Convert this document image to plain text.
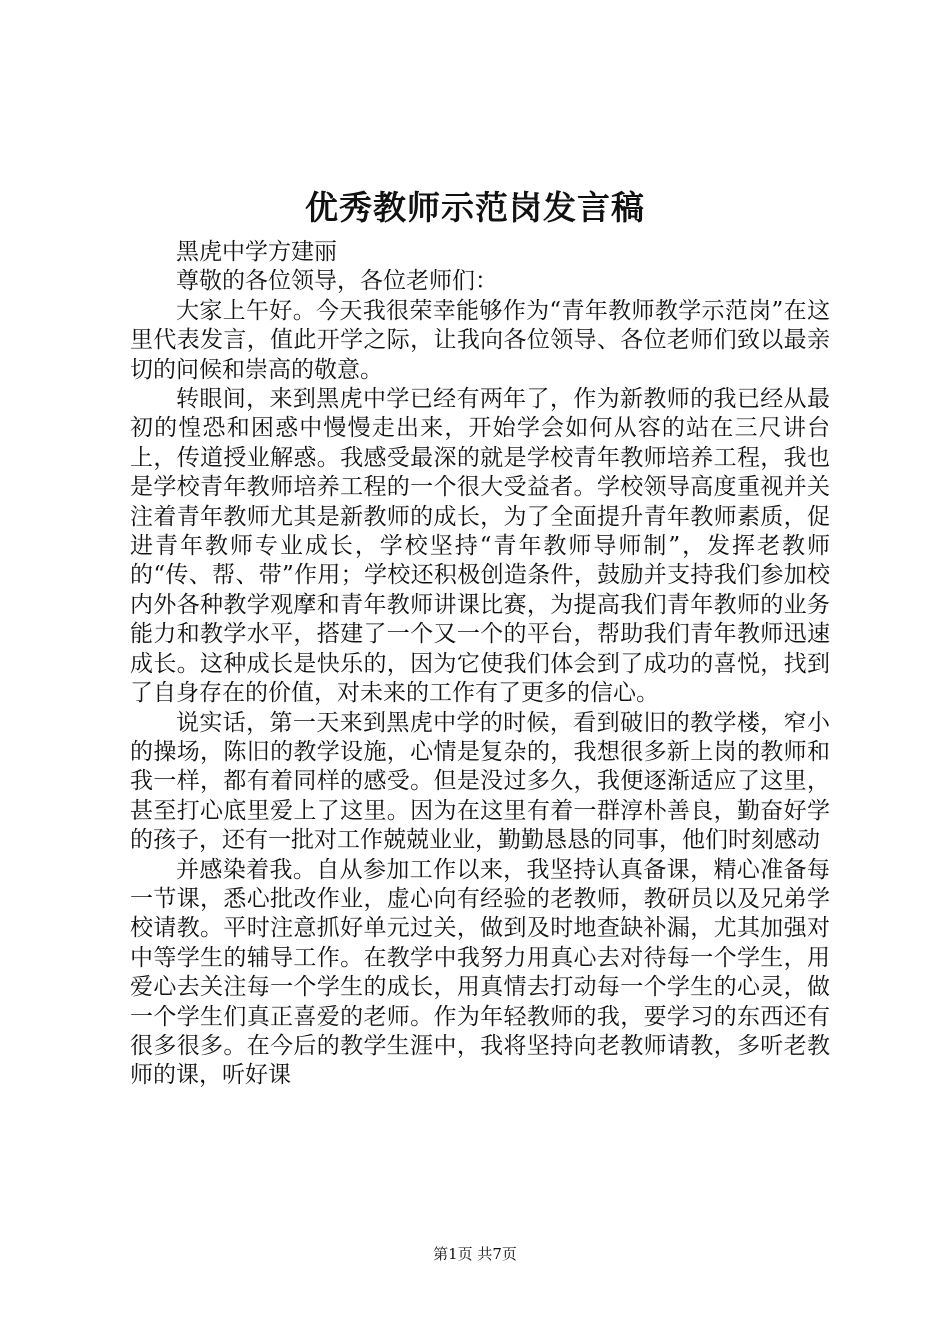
优秀教师示范岗发言稿

黑虎中学方建丽

尊敬的各位领导，各位老师们：

大家上午好。今天我很荣幸能够作为“青年教师教学示范岗”在这里代表发言，值此开学之际，让我向各位领导、各位老师们致以最亲切的问候和崇高的敬意。

转眼间，来到黑虎中学已经有两年了，作为新教师的我已经从最初的惶恐和困惑中慢慢走出来，开始学会如何从容的站在三尺讲台上，传道授业解惑。我感受最深的就是学校青年教师培养工程，我也是学校青年教师培养工程的一个很大受益者。学校领导高度重视并关注着青年教师尤其是新教师的成长，为了全面提升青年教师素质，促进青年教师专业成长，学校坚持“青年教师导师制”，发挥老教师的“传、帮、带”作用；学校还积极创造条件，鼓励并支持我们参加校内外各种教学观摩和青年教师讲课比赛，为提高我们青年教师的业务能力和教学水平，搭建了一个又一个的平台，帮助我们青年教师迅速成长。这种成长是快乐的，因为它使我们体会到了成功的喜悦，找到了自身存在的价值，对未来的工作有了更多的信心。

说实话，第一天来到黑虎中学的时候，看到破旧的教学楼，窄小的操场，陈旧的教学设施，心情是复杂的，我想很多新上岗的教师和我一样，都有着同样的感受。但是没过多久，我便逐渐适应了这里，甚至打心底里爱上了这里。因为在这里有着一群淳朴善良，勤奋好学的孩子，还有一批对工作兢兢业业，勤勤恳恳的同事，他们时刻感动

并感染着我。自从参加工作以来，我坚持认真备课，精心准备每一节课，悉心批改作业，虚心向有经验的老教师，教研员以及兄弟学校请教。平时注意抓好单元过关，做到及时地查缺补漏，尤其加强对中等学生的辅导工作。在教学中我努力用真心去对待每一个学生，用爱心去关注每一个学生的成长，用真情去打动每一个学生的心灵，做一个学生们真正喜爱的老师。作为年轻教师的我，要学习的东西还有很多很多。在今后的教学生涯中，我将坚持向老教师请教，多听老教师的课，听好课

第1页 共7页
